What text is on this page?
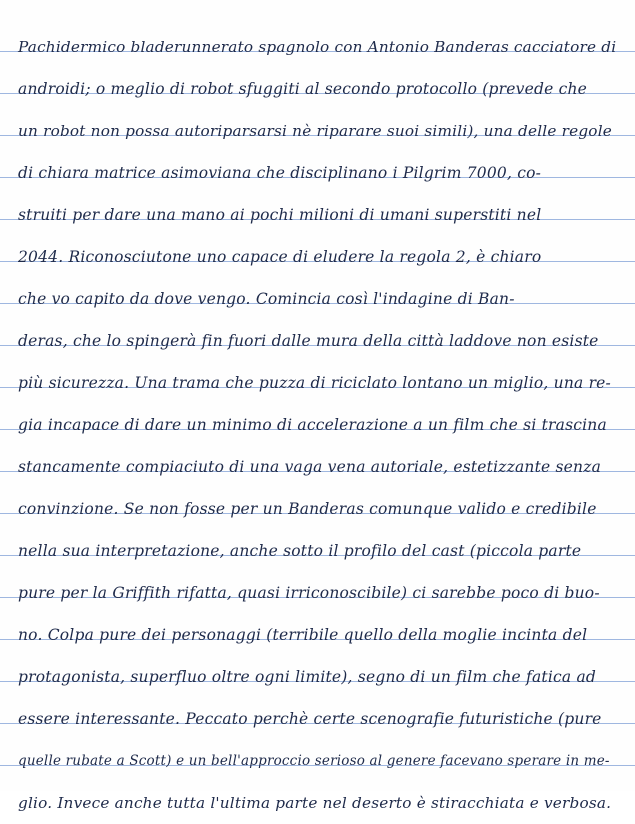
Pachidermico bladerunnerato spagnolo con Antonio Banderas cacciatore di
androidi; o meglio di robot sfuggiti al secondo protocollo (prevede che
un robot non possa autoriparsarsi nè riparare suoi simili), una delle regole
di chiara matrice asimoviana che disciplinano i Pilgrim 7000, co-
struiti per dare una mano ai pochi milioni di umani superstiti nel
2044. Riconosciutone uno capace di eludere la regola 2, è chiaro
che vo capito da dove vengo. Comincia così l'indagine di Ban-
deras, che lo spingerà fin fuori dalle mura della città laddove non esiste
più sicurezza. Una trama che puzza di riciclato lontano un miglio, una re-
gia incapace di dare un minimo di accelerazione a un film che si trascina
stancamente compiaciuto di una vaga vena autoriale, estetizzante senza
convinzione. Se non fosse per un Banderas comunque valido e credibile
nella sua interpretazione, anche sotto il profilo del cast (piccola parte
pure per la Griffith rifatta, quasi irriconoscibile) ci sarebbe poco di buo-
no. Colpa pure dei personaggi (terribile quello della moglie incinta del
protagonista, superfluo oltre ogni limite), segno di un film che fatica ad
essere interessante. Peccato perchè certe scenografie futuristiche (pure
quelle rubate a Scott) e un bell'approccio serioso al genere facevano sperare in me-
glio. Invece anche tutta l'ultima parte nel deserto è stiracchiata e verbosa.
